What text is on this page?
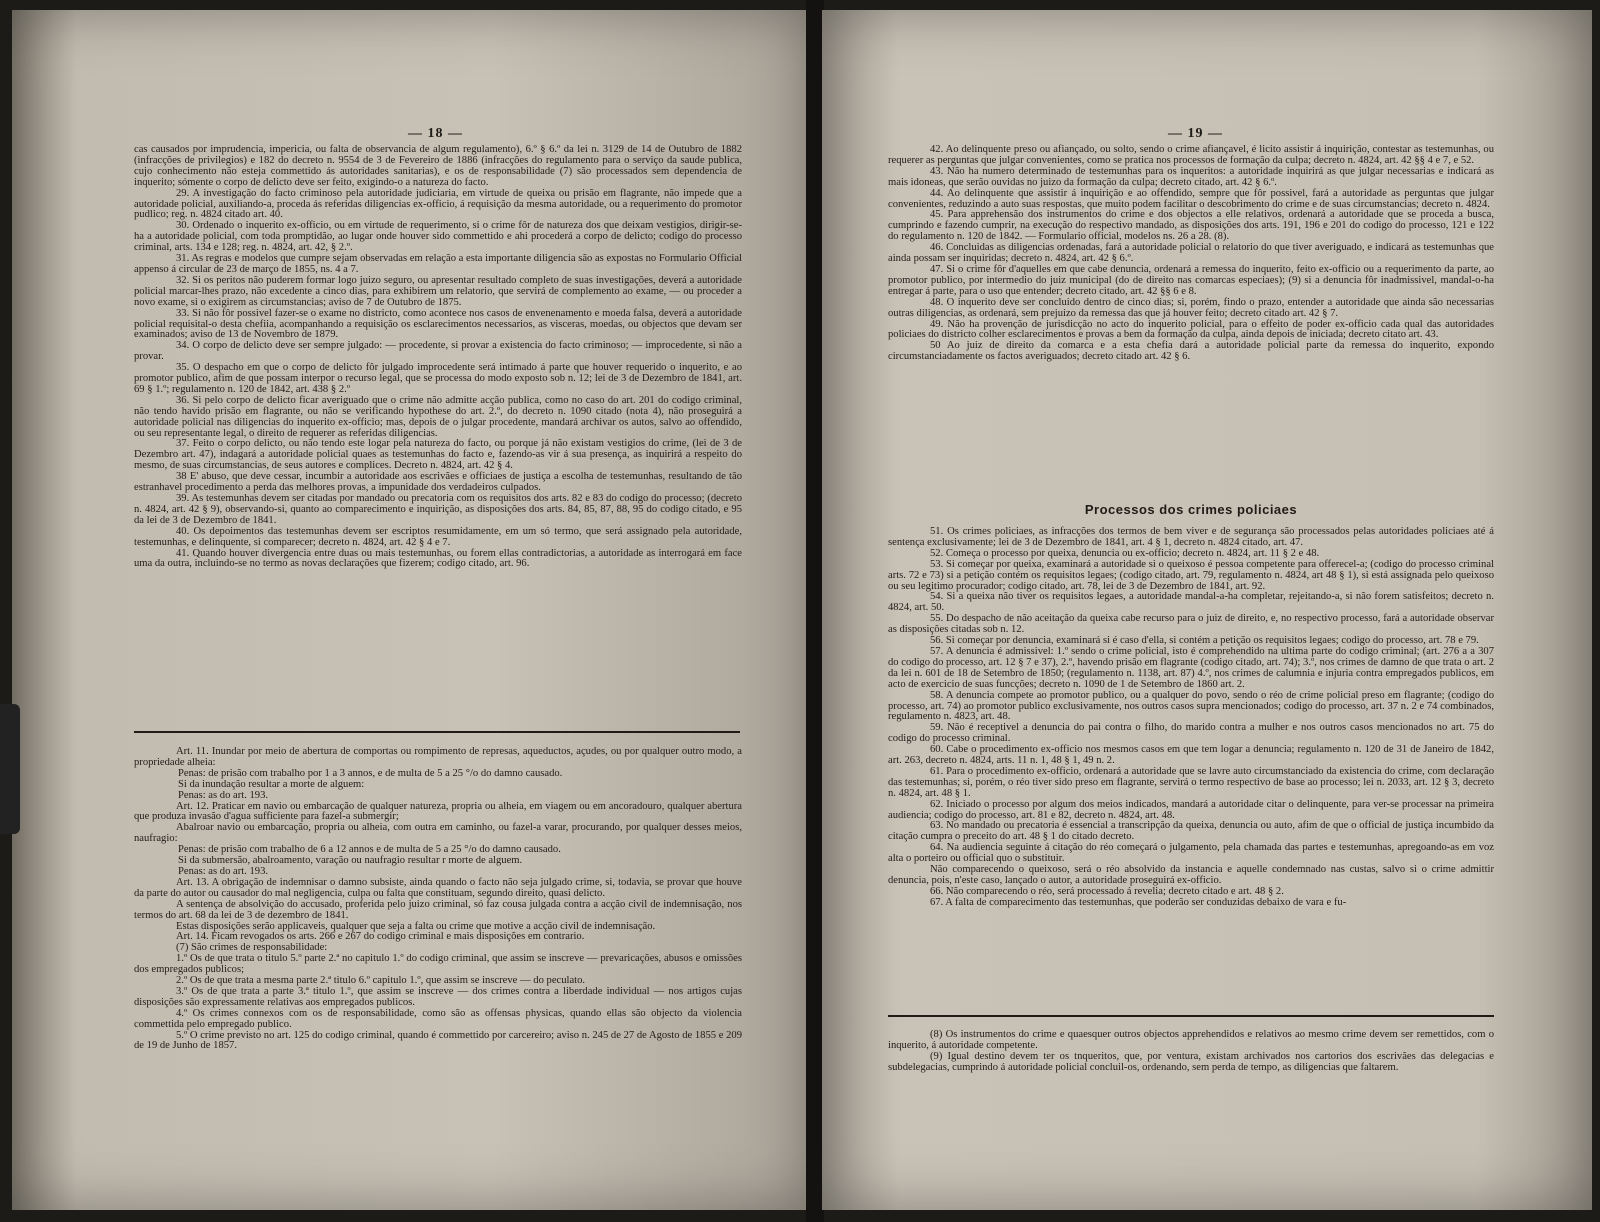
— 18 —

cas causados por imprudencia, impericia, ou falta de observancia de algum regulamento), 6.º § 6.º da lei n. 3129 de 14 de Outubro de 1882 (infracções de privilegios) e 182 do decreto n. 9554 de 3 de Fevereiro de 1886 (infracções do regulamento para o serviço da saude publica, cujo conhecimento não esteja commettido ás autoridades sanitarias), e os de responsabilidade (7) são processados sem dependencia de inquerito; sómente o corpo de delicto deve ser feito, exigindo-o a natureza do facto.

29. A investigação do facto criminoso pela autoridade judiciaria, em virtude de queixa ou prisão em flagrante, não impede que a autoridade policial, auxiliando-a, proceda ás referidas diligencias ex-officio, á requisição da mesma autoridade, ou a requerimento do promotor pudlico; reg. n. 4824 citado art. 40.

30. Ordenado o inquerito ex-officio, ou em virtude de requerimento, si o crime fôr de natureza dos que deixam vestigios, dirigir-se-ha a autoridade policial, com toda promptidão, ao lugar onde houver sido commettido e ahi procederá a corpo de delicto; codigo do processo criminal, arts. 134 e 128; reg. n. 4824, art. 42, § 2.º.

31. As regras e modelos que cumpre sejam observadas em relação a esta importante diligencia são as expostas no Formulario Official appenso á circular de 23 de março de 1855, ns. 4 a 7.

32. Si os peritos não puderem formar logo juizo seguro, ou apresentar resultado completo de suas investigações, deverá a autoridade policial marcar-lhes prazo, não excedente a cinco dias, para exhibirem um relatorio, que servirá de complemento ao exame, — ou proceder a novo exame, si o exigirem as circumstancias; aviso de 7 de Outubro de 1875.

33. Si não fôr possivel fazer-se o exame no districto, como acontece nos casos de envenenamento e moeda falsa, deverá a autoridade policial requisital-o desta chefiia, acompanhando a requisição os esclarecimentos necessarios, as visceras, moedas, ou objectos que devam ser examinados; aviso de 13 de Novembro de 1879.

34. O corpo de delicto deve ser sempre julgado: — procedente, si provar a existencia do facto criminoso; — improcedente, si não a provar.

35. O despacho em que o corpo de delicto fôr julgado improcedente será intimado á parte que houver requerido o inquerito, e ao promotor publico, afim de que possam interpor o recurso legal, que se processa do modo exposto sob n. 12; lei de 3 de Dezembro de 1841, art. 69 § 1.º; regulamento n. 120 de 1842, art. 438 § 2.º

36. Si pelo corpo de delicto ficar averiguado que o crime não admitte acção publica, como no caso do art. 201 do codigo criminal, não tendo havido prisão em flagrante, ou não se verificando hypothese do art. 2.º, do decreto n. 1090 citado (nota 4), não proseguirá a autoridade policial nas diligencias do inquerito ex-officio; mas, depois de o julgar procedente, mandará archivar os autos, salvo ao offendido, ou seu representante legal, o direito de requerer as referidas diligencias.

37. Feito o corpo delicto, ou não tendo este logar pela natureza do facto, ou porque já não existam vestigios do crime, (lei de 3 de Dezembro art. 47), indagará a autoridade policial quaes as testemunhas do facto e, fazendo-as vir á sua presença, as inquirirá a respeito do mesmo, de suas circumstancias, de seus autores e complices. Decreto n. 4824, art. 42 § 4.

38 E' abuso, que deve cessar, incumbir a autoridade aos escrivães e officiaes de justiça a escolha de testemunhas, resultando de tão estranhavel procedimento a perda das melhores provas, a impunidade dos verdadeiros culpados.

39. As testemunhas devem ser citadas por mandado ou precatoria com os requisitos dos arts. 82 e 83 do codigo do processo; (decreto n. 4824, art. 42 § 9), observando-si, quanto ao comparecimento e inquirição, as disposições dos arts. 84, 85, 87, 88, 95 do codigo citado, e 95 da lei de 3 de Dezembro de 1841.

40. Os depoimentos das testemunhas devem ser escriptos resumidamente, em um só termo, que será assignado pela autoridade, testemunhas, e delinquente, si comparecer; decreto n. 4824, art. 42 § 4 e 7.

41. Quando houver divergencia entre duas ou mais testemunhas, ou forem ellas contradictorias, a autoridade as interrogará em face uma da outra, incluindo-se no termo as novas declarações que fizerem; codigo citado, art. 96.

Art. 11. Inundar por meio de abertura de comportas ou rompimento de represas, aqueductos, açudes, ou por qualquer outro modo, a propriedade alheia:

Penas: de prisão com trabalho por 1 a 3 annos, e de multa de 5 a 25 °/o do damno causado.

Si da inundação resultar a morte de alguem:

Penas: as do art. 193.

Art. 12. Praticar em navio ou embarcação de qualquer natureza, propria ou alheia, em viagem ou em ancoradouro, qualquer abertura que produza invasão d'agua sufficiente para fazel-a submergir;

Abalroar navio ou embarcação, propria ou alheia, com outra em caminho, ou fazel-a varar, procurando, por qualquer desses meios, naufragio:

Penas: de prisão com trabalho de 6 a 12 annos e de multa de 5 a 25 °/o do damno causado.

Si da submersão, abalroamento, varação ou naufragio resultar r morte de alguem.

Penas: as do art. 193.

Art. 13. A obrigação de indemnisar o damno subsiste, ainda quando o facto não seja julgado crime, si, todavia, se provar que houve da parte do autor ou causador do mal negligencia, culpa ou falta que constituam, segundo direito, quasi delicto.

A sentença de absolvição do accusado, proferida pelo juizo criminal, só faz cousa julgada contra a acção civil de indemnisação, nos termos do art. 68 da lei de 3 de dezembro de 1841.

Estas disposições serão applicaveis, qualquer que seja a falta ou crime que motive a acção civil de indemnisação.

Art. 14. Ficam revogados os arts. 266 e 267 do codigo criminal e mais disposições em contrario.

(7) São crimes de responsabilidade:

1.º Os de que trata o titulo 5.º parte 2.ª no capitulo 1.º do codigo criminal, que assim se inscreve — prevaricações, abusos e omissões dos empregados publicos;

2.º Os de que trata a mesma parte 2.ª titulo 6.º capitulo 1.º, que assim se inscreve — do peculato.

3.º Os de que trata a parte 3.ª titulo 1.º, que assim se inscreve — dos crimes contra a liberdade individual — nos artigos cujas disposições são expressamente relativas aos empregados publicos.

4.º Os crimes connexos com os de responsabilidade, como são as offensas physicas, quando ellas são objecto da violencia commettida pelo empregado publico.

5.º O crime previsto no art. 125 do codigo criminal, quando é commettido por carcereiro; aviso n. 245 de 27 de Agosto de 1855 e 209 de 19 de Junho de 1857.

— 19 —

42. Ao delinquente preso ou afiançado, ou solto, sendo o crime afiançavel, é licito assistir á inquirição, contestar as testemunhas, ou requerer as perguntas que julgar convenientes, como se pratica nos processos de formação da culpa; decreto n. 4824, art. 42 §§ 4 e 7, e 52.

43. Não ha numero determinado de testemunhas para os inqueritos: a autoridade inquirirá as que julgar necessarias e indicará as mais idoneas, que serão ouvidas no juizo da formação da culpa; decreto citado, art. 42 § 6.º.

44. Ao delinquente que assistir á inquirição e ao offendido, sempre que fôr possivel, fará a autoridade as perguntas que julgar convenientes, reduzindo a auto suas respostas, que muito podem facilitar o descobrimento do crime e de suas circumstancias; decreto n. 4824.

45. Para apprehensão dos instrumentos do crime e dos objectos a elle relativos, ordenará a autoridade que se proceda a busca, cumprindo e fazendo cumprir, na execução do respectivo mandado, as disposições dos arts. 191, 196 e 201 do codigo do processo, 121 e 122 do regulamento n. 120 de 1842. — Formulario official, modelos ns. 26 a 28. (8).

46. Concluidas as diligencias ordenadas, fará a autoridade policial o relatorio do que tiver averiguado, e indicará as testemunhas que ainda possam ser inquiridas; decreto n. 4824, art. 42 § 6.º.

47. Si o crime fôr d'aquelles em que cabe denuncia, ordenará a remessa do inquerito, feito ex-officio ou a requerimento da parte, ao promotor publico, por intermedio do juiz municipal (do de direito nas comarcas especiaes); (9) si a denuncia fôr inadmissivel, mandal-o-ha entregar á parte, para o uso que entender; decreto citado, art. 42 §§ 6 e 8.

48. O inquerito deve ser concluido dentro de cinco dias; si, porém, findo o prazo, entender a autoridade que ainda são necessarias outras diligencias, as ordenará, sem prejuizo da remessa das que já houver feito; decreto citado art. 42 § 7.

49. Não ha provenção de jurisdicção no acto do inquerito policial, para o effeito de poder ex-officio cada qual das autoridades policiaes do districto colher esclarecimentos e provas a bem da formação da culpa, ainda depois de iniciada; decreto citato art. 43.

50 Ao juiz de direito da comarca e a esta chefia dará a autoridade policial parte da remessa do inquerito, expondo circumstanciadamente os factos averiguados; decreto citado art. 42 § 6.

Processos dos crimes policiaes

51. Os crimes policiaes, as infracções dos termos de bem viver e de segurança são processados pelas autoridades policiaes até á sentença exclusivamente; lei de 3 de Dezembro de 1841, art. 4 § 1, decreto n. 4824 citado, art. 47.

52. Começa o processo por queixa, denuncia ou ex-officio; decreto n. 4824, art. 11 § 2 e 48.

53. Si começar por queixa, examinará a autoridade si o queixoso é pessoa competente para offerecel-a; (codigo do processo criminal arts. 72 e 73) si a petição contém os requisitos legaes; (codigo citado, art. 79, regulamento n. 4824, art 48 § 1), si está assignada pelo queixoso ou seu legitimo procurador; codigo citado, art. 78, lei de 3 de Dezembro de 1841, art. 92.

54. Si a queixa não tiver os requisitos legaes, a autoridade mandal-a-ha completar, rejeitando-a, si não forem satisfeitos; decreto n. 4824, art. 50.

55. Do despacho de não aceitação da queixa cabe recurso para o juiz de direito, e, no respectivo processo, fará a autoridade observar as disposições citadas sob n. 12.

56. Si começar por denuncia, examinará si é caso d'ella, si contém a petição os requisitos legaes; codigo do processo, art. 78 e 79.

57. A denuncia é admissivel: 1.º sendo o crime policial, isto é comprehendido na ultima parte do codigo criminal; (art. 276 a a 307 do codigo do processo, art. 12 § 7 e 37), 2.º, havendo prisão em flagrante (codigo citado, art. 74); 3.º, nos crimes de damno de que trata o art. 2 da lei n. 601 de 18 de Setembro de 1850; (regulamento n. 1138, art. 87) 4.º, nos crimes de calumnia e injuria contra empregados publicos, em acto de exercicio de suas funcções; decreto n. 1090 de 1 de Setembro de 1860 art. 2.

58. A denuncia compete ao promotor publico, ou a qualquer do povo, sendo o réo de crime policial preso em flagrante; (codigo do processo, art. 74) ao promotor publico exclusivamente, nos outros casos supra mencionados; codigo do processo, art. 37 n. 2 e 74 combinados, regulamento n. 4823, art. 48.

59. Não é receptivel a denuncia do pai contra o filho, do marido contra a mulher e nos outros casos mencionados no art. 75 do codigo do processo criminal.

60. Cabe o procedimento ex-officio nos mesmos casos em que tem logar a denuncia; regulamento n. 120 de 31 de Janeiro de 1842, art. 263, decreto n. 4824, arts. 11 n. 1, 48 § 1, 49 n. 2.

61. Para o procedimento ex-officio, ordenará a autoridade que se lavre auto circumstanciado da existencia do crime, com declaração das testemunhas; si, porém, o réo tiver sido preso em flagrante, servirá o termo respectivo de base ao processo; lei n. 2033, art. 12 § 3, decreto n. 4824, art. 48 § 1.

62. Iniciado o processo por algum dos meios indicados, mandará a autoridade citar o delinquente, para ver-se processar na primeira audiencia; codigo do processo, art. 81 e 82, decreto n. 4824, art. 48.

63. No mandado ou precatoria é essencial a transcripção da queixa, denuncia ou auto, afim de que o official de justiça incumbido da citação cumpra o preceito do art. 48 § 1 do citado decreto.

64. Na audiencia seguinte á citação do réo começará o julgamento, pela chamada das partes e testemunhas, apregoando-as em voz alta o porteiro ou official quo o substituir.

Não comparecendo o queixoso, será o réo absolvido da instancia e aquelle condemnado nas custas, salvo si o crime admittir denuncia, pois, n'este caso, lançado o autor, a autoridade proseguirá ex-officio.

66. Não comparecendo o réo, será processado á revelia; decreto citado e art. 48 § 2.

67. A falta de comparecimento das testemunhas, que poderão ser conduzidas debaixo de vara e fu-

(8) Os instrumentos do crime e quaesquer outros objectos apprehendidos e relativos ao mesmo crime devem ser remettidos, com o inquerito, á autoridade competente.

(9) Igual destino devem ter os tnqueritos, que, por ventura, existam archivados nos cartorios dos escrivães das delegacias e subdelegacias, cumprindo á autoridade policial concluil-os, ordenando, sem perda de tempo, as diligencias que faltarem.
